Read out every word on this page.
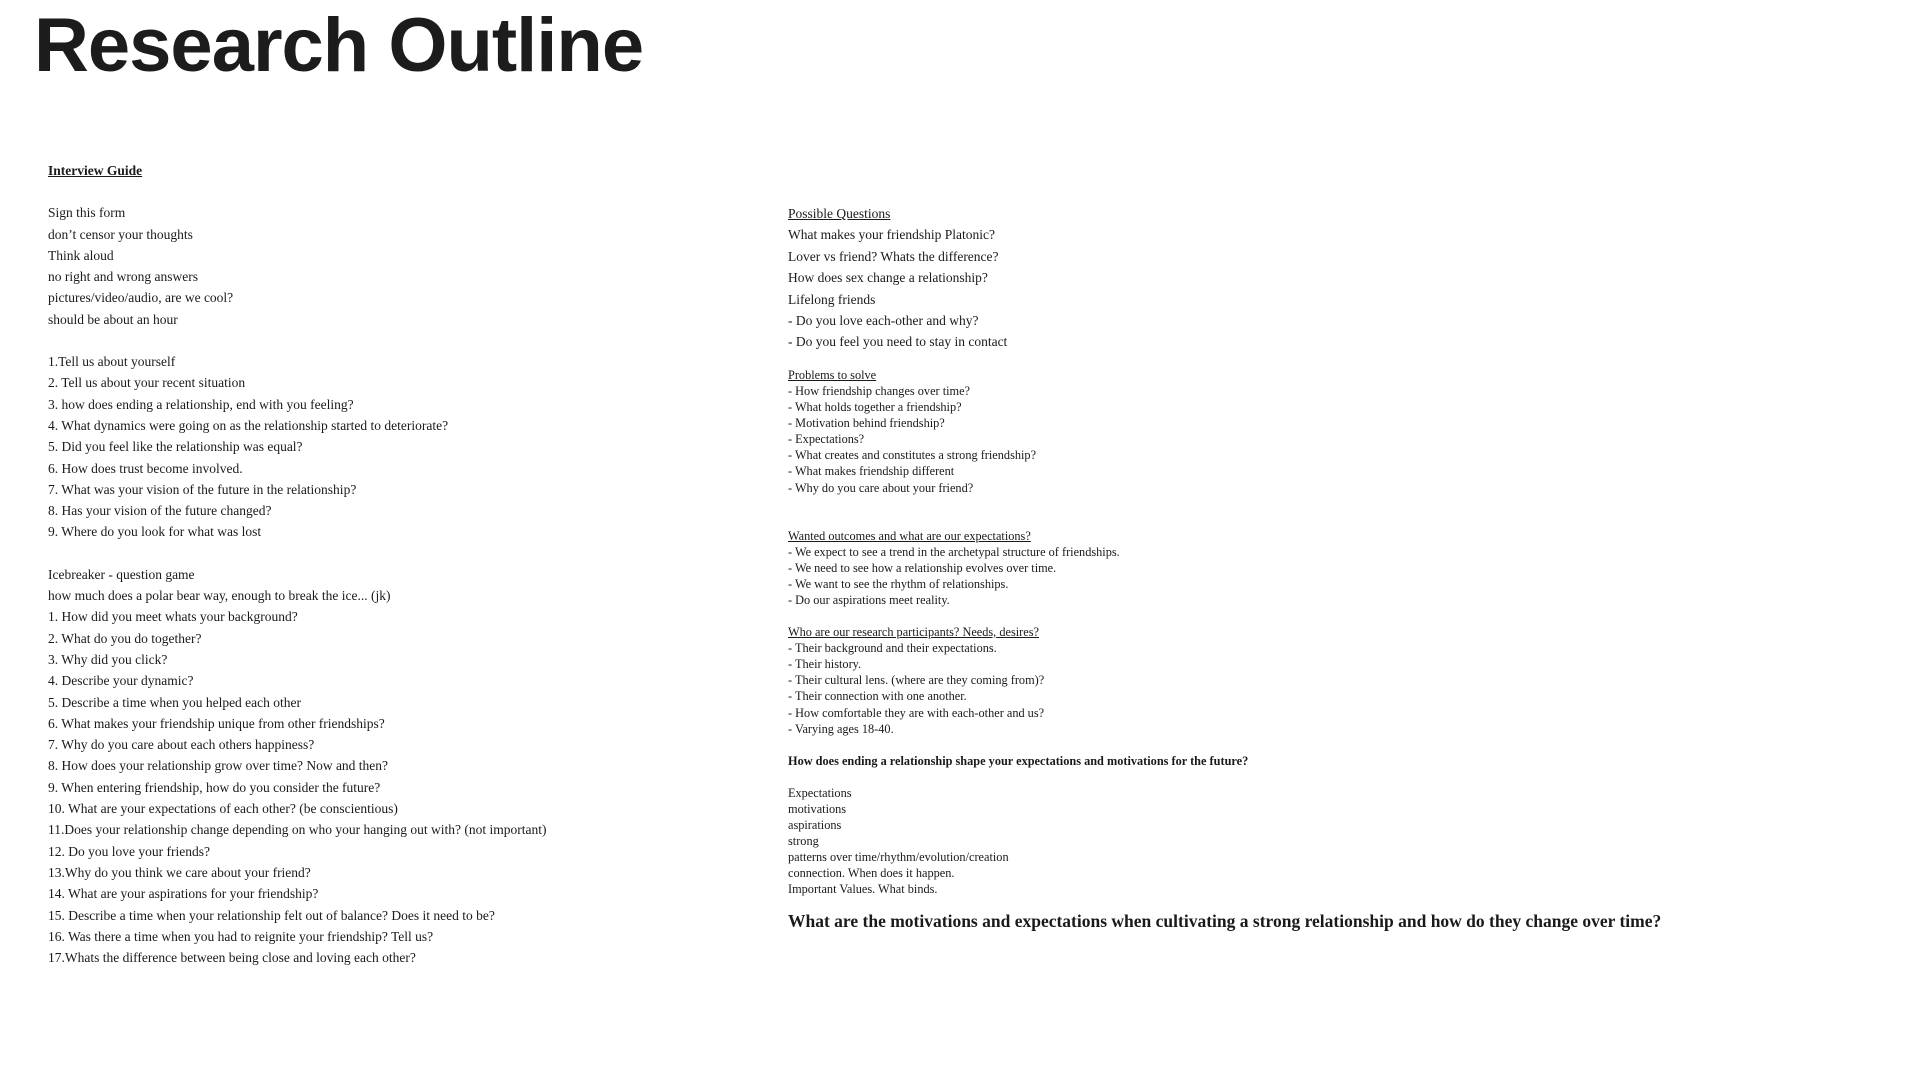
Research Outline
Interview Guide
Sign this form
don’t censor your thoughts
Think aloud
no right and wrong answers
pictures/video/audio, are we cool?
should be about an hour
1.Tell us about yourself
2. Tell us about your recent situation
3. how does ending a relationship, end with you feeling?
4. What dynamics were going on as the relationship started to deteriorate?
5. Did you feel like the relationship was equal?
6. How does trust become involved.
7. What was your vision of the future in the relationship?
8. Has your vision of the future changed?
9. Where do you look for what was lost
Icebreaker - question game
how much does a polar bear way, enough to break the ice... (jk)
1. How did you meet whats your background?
2. What do you do together?
3. Why did you click?
4. Describe your dynamic?
5. Describe a time when you helped each other
6. What makes your friendship unique from other friendships?
7. Why do you care about each others happiness?
8. How does your relationship grow over time? Now and then?
9. When entering friendship, how do you consider the future?
10. What are your expectations of each other? (be conscientious)
11.Does your relationship change depending on who your hanging out with? (not important)
12. Do you love your friends?
13.Why do you think we care about your friend?
14. What are your aspirations for your friendship?
15. Describe a time when your relationship felt out of balance? Does it need to be?
16. Was there a time when you had to reignite your friendship? Tell us?
17.Whats the difference between being close and loving each other?
Possible Questions
What makes your friendship Platonic?
Lover vs friend? Whats the difference?
How does sex change a relationship?
Lifelong friends
- Do you love each-other and why?
- Do you feel you need to stay in contact
Problems to solve
- How friendship changes over time?
- What holds together a friendship?
- Motivation behind friendship?
- Expectations?
- What creates and constitutes a strong friendship?
- What makes friendship different
- Why do you care about your friend?
Wanted outcomes and what are our expectations?
- We expect to see a trend in the archetypal structure of friendships.
- We need to see how a relationship evolves over time.
- We want to see the rhythm of relationships.
- Do our aspirations meet reality.
Who are our research participants? Needs, desires?
- Their background and their expectations.
- Their history.
- Their cultural lens. (where are they coming from)?
- Their connection with one another.
- How comfortable they are with each-other and us?
- Varying ages 18-40.
How does ending a relationship shape your expectations and motivations for the future?
Expectations
motivations
aspirations
strong
patterns over time/rhythm/evolution/creation
connection. When does it happen.
Important Values. What binds.
What are the motivations and expectations when cultivating a strong relationship and how do they change over time?
